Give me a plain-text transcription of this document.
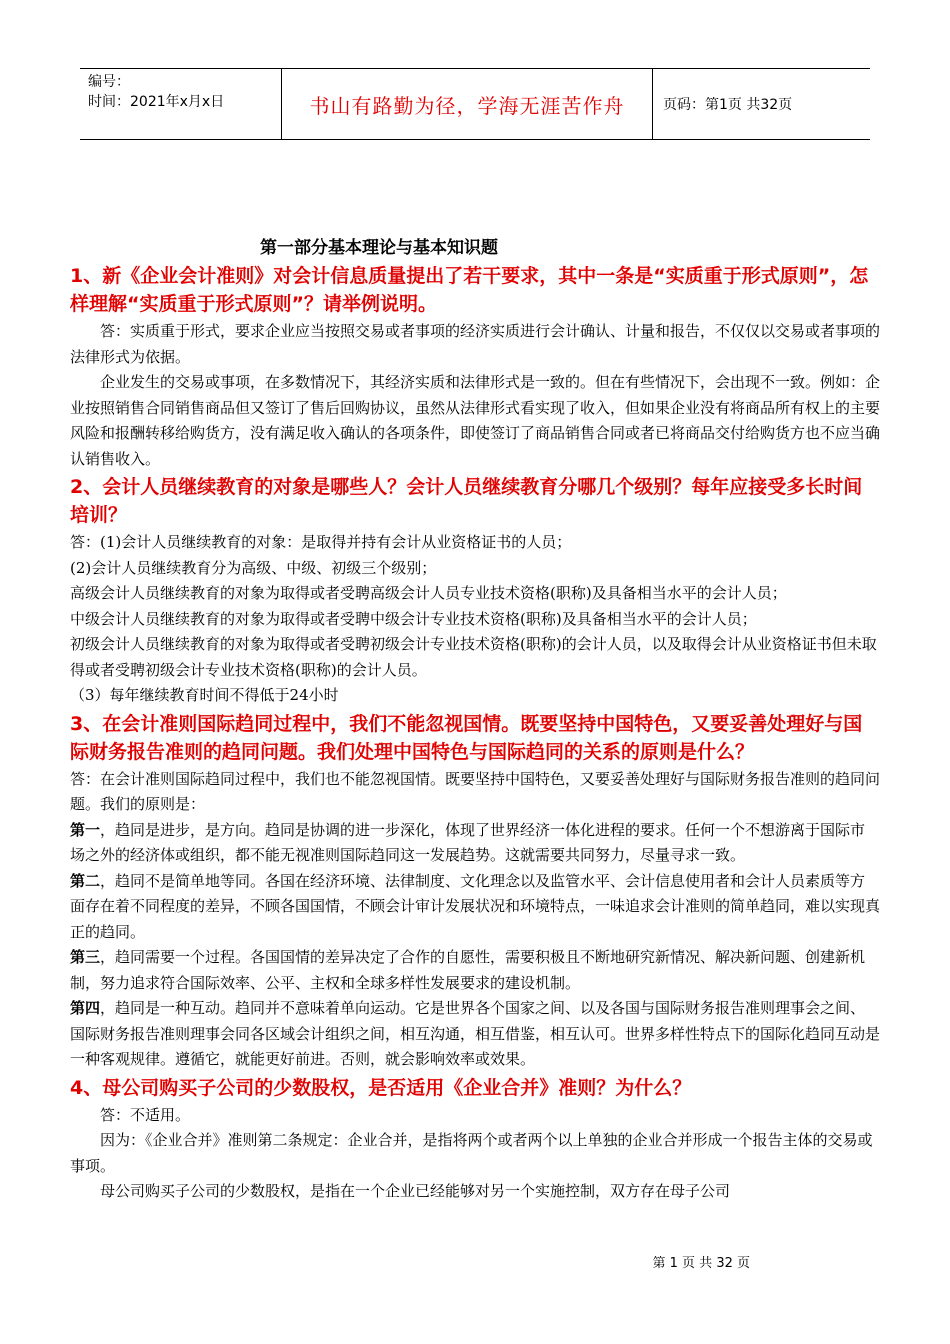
编号：
时间：2021年x月x日	书山有路勤为径，学海无涯苦作舟	页码：第1页 共32页
第一部分基本理论与基本知识题
1、新《企业会计准则》对会计信息质量提出了若干要求，其中一条是“实质重于形式原则”，怎样理解“实质重于形式原则”？请举例说明。

答：实质重于形式，要求企业应当按照交易或者事项的经济实质进行会计确认、计量和报告，不仅仅以交易或者事项的法律形式为依据。

企业发生的交易或事项，在多数情况下，其经济实质和法律形式是一致的。但在有些情况下，会出现不一致。例如：企业按照销售合同销售商品但又签订了售后回购协议，虽然从法律形式看实现了收入，但如果企业没有将商品所有权上的主要风险和报酬转移给购货方，没有满足收入确认的各项条件，即使签订了商品销售合同或者已将商品交付给购货方也不应当确认销售收入。

2、会计人员继续教育的对象是哪些人？会计人员继续教育分哪几个级别？每年应接受多长时间培训？

答：(1)会计人员继续教育的对象：是取得并持有会计从业资格证书的人员；

(2)会计人员继续教育分为高级、中级、初级三个级别；

高级会计人员继续教育的对象为取得或者受聘高级会计人员专业技术资格(职称)及具备相当水平的会计人员；

中级会计人员继续教育的对象为取得或者受聘中级会计专业技术资格(职称)及具备相当水平的会计人员；

初级会计人员继续教育的对象为取得或者受聘初级会计专业技术资格(职称)的会计人员，以及取得会计从业资格证书但未取得或者受聘初级会计专业技术资格(职称)的会计人员。

（3）每年继续教育时间不得低于24小时

3、在会计准则国际趋同过程中，我们不能忽视国情。既要坚持中国特色，又要妥善处理好与国际财务报告准则的趋同问题。我们处理中国特色与国际趋同的关系的原则是什么？

答：在会计准则国际趋同过程中，我们也不能忽视国情。既要坚持中国特色，又要妥善处理好与国际财务报告准则的趋同问题。我们的原则是：

第一，趋同是进步，是方向。趋同是协调的进一步深化，体现了世界经济一体化进程的要求。任何一个不想游离于国际市场之外的经济体或组织，都不能无视准则国际趋同这一发展趋势。这就需要共同努力，尽量寻求一致。

第二，趋同不是简单地等同。各国在经济环境、法律制度、文化理念以及监管水平、会计信息使用者和会计人员素质等方面存在着不同程度的差异，不顾各国国情，不顾会计审计发展状况和环境特点，一味追求会计准则的简单趋同，难以实现真正的趋同。

第三，趋同需要一个过程。各国国情的差异决定了合作的自愿性，需要积极且不断地研究新情况、解决新问题、创建新机制，努力追求符合国际效率、公平、主权和全球多样性发展要求的建设机制。

第四，趋同是一种互动。趋同并不意味着单向运动。它是世界各个国家之间、以及各国与国际财务报告准则理事会之间、国际财务报告准则理事会同各区域会计组织之间，相互沟通，相互借鉴，相互认可。世界多样性特点下的国际化趋同互动是一种客观规律。遵循它，就能更好前进。否则，就会影响效率或效果。

4、母公司购买子公司的少数股权，是否适用《企业合并》准则？为什么？

答：不适用。

因为：《企业合并》准则第二条规定：企业合并，是指将两个或者两个以上单独的企业合并形成一个报告主体的交易或事项。

母公司购买子公司的少数股权，是指在一个企业已经能够对另一个实施控制，双方存在母子公司

第 1 页 共 32 页
